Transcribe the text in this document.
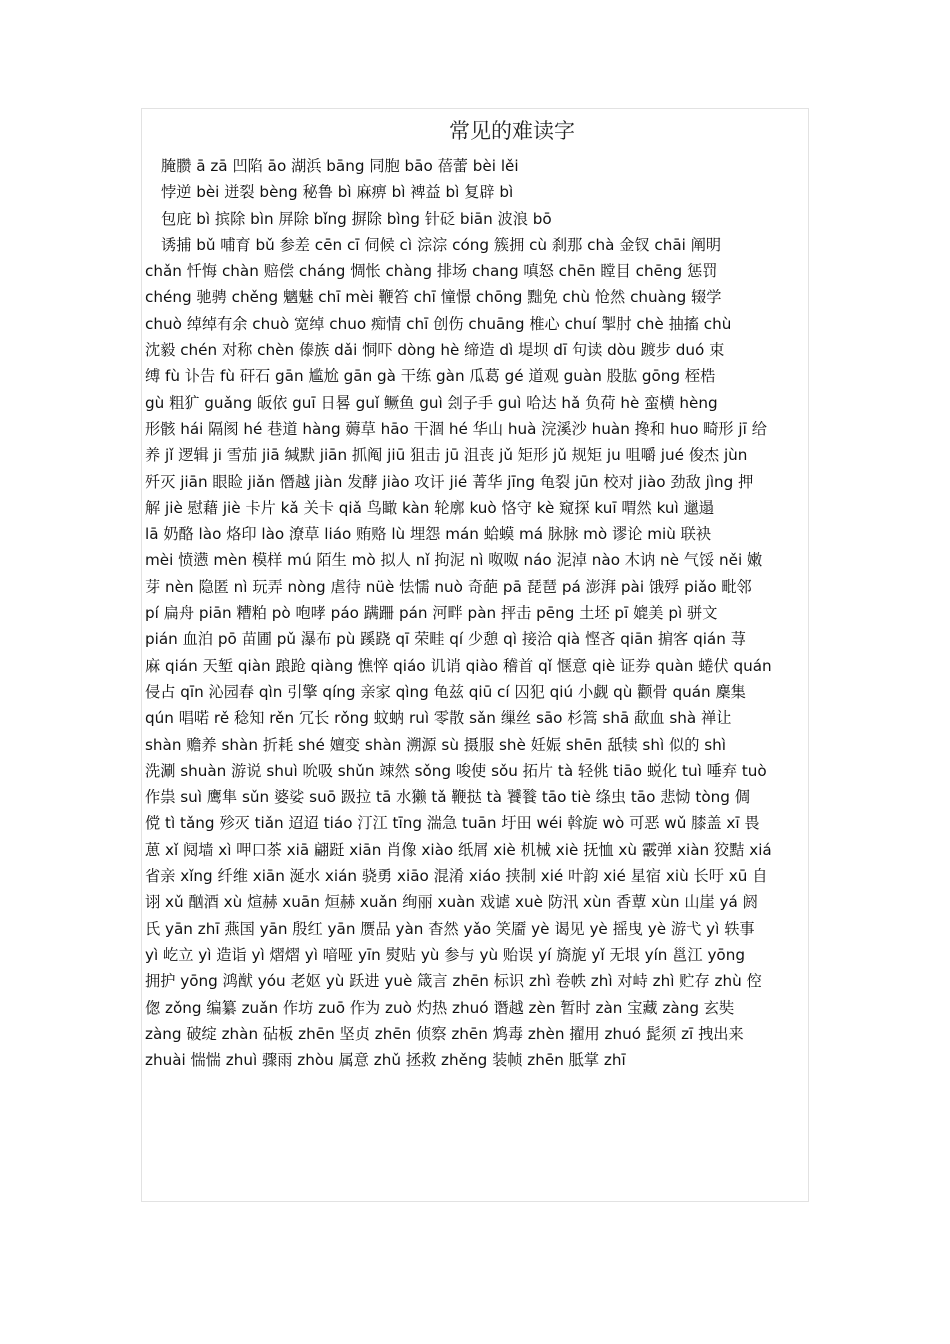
常见的难读字
腌臜 ā zā 凹陷 āo 湖浜 bāng 同胞 bāo 蓓蕾 bèi lěi
悖逆 bèi 迸裂 bèng 秘鲁 bì 麻痹 bì 裨益 bì 复辟 bì
包庇 bì 摈除 bìn 屏除 bǐng 摒除 bìng 针砭 biān 波浪 bō
诱捕 bǔ 哺育 bǔ 参差 cēn cī 伺候 cì 淙淙 cóng 簇拥 cù 刹那 chà 金钗 chāi 阐明
chǎn 忏悔 chàn 赔偿 cháng 惆怅 chàng 排场 chang 嗔怒 chēn 瞠目 chēng 惩罚
chéng 驰骋 chěng 魑魅 chī mèi 鞭笞 chī 憧憬 chōng 黜免 chù 怆然 chuàng 辍学
chuò 绰绰有余 chuò 宽绰 chuo 痴情 chī 创伤 chuāng 椎心 chuí 掣肘 chè 抽搐 chù
沈毅 chén 对称 chèn 傣族 dǎi 恫吓 dòng hè 缔造 dì 堤坝 dī 句读 dòu 踱步 duó 束
缚 fù 讣告 fù 矸石 gān 尴尬 gān gà 干练 gàn 瓜葛 gé 道观 guàn 股肱 gōng 桎梏
gù 粗犷 guǎng 皈依 guī 日晷 guǐ 鳜鱼 guì 刽子手 guì 哈达 hǎ 负荷 hè 蛮横 hèng
形骸 hái 隔阂 hé 巷道 hàng 薅草 hāo 干涸 hé 华山 huà 浣溪沙 huàn 搀和 huo 畸形 jī 给
养 jǐ 逻辑 ji 雪茄 jiā 缄默 jiān 抓阄 jiū 狙击 jū 沮丧 jǔ 矩形 jǔ 规矩 ju 咀嚼 jué 俊杰 jùn
歼灭 jiān 眼睑 jiǎn 僭越 jiàn 发酵 jiào 攻讦 jié 菁华 jīng 龟裂 jūn 校对 jiào 劲敌 jìng 押
解 jiè 慰藉 jiè 卡片 kǎ 关卡 qiǎ 鸟瞰 kàn 轮廓 kuò 恪守 kè 窥探 kuī 喟然 kuì 邋遢
lā 奶酪 lào 烙印 lào 潦草 liáo 贿赂 lù 埋怨 mán 蛤蟆 má 脉脉 mò 谬论 miù 联袂
mèi 愤懑 mèn 模样 mú 陌生 mò 拟人 nǐ 拘泥 nì 呶呶 náo 泥淖 nào 木讷 nè 气馁 něi 嫩
芽 nèn 隐匿 nì 玩弄 nòng 虐待 nüè 怯懦 nuò 奇葩 pā 琵琶 pá 澎湃 pài 饿殍 piǎo 毗邻
pí 扁舟 piān 糟粕 pò 咆哮 páo 蹒跚 pán 河畔 pàn 抨击 pēng 土坯 pī 媲美 pì 骈文
pián 血泊 pō 苗圃 pǔ 瀑布 pù 蹊跷 qī 荣畦 qí 少憩 qì 接洽 qià 悭吝 qiān 掮客 qián 荨
麻 qián 天堑 qiàn 踉跄 qiàng 憔悴 qiáo 讥诮 qiào 稽首 qǐ 惬意 qiè 证券 quàn 蜷伏 quán
侵占 qīn 沁园春 qìn 引擎 qíng 亲家 qìng 龟兹 qiū cí 囚犯 qiú 小觑 qù 颧骨 quán 麇集
qún 唱喏 rě 稔知 rěn 冗长 rǒng 蚊蚋 ruì 零散 sǎn 缫丝 sāo 杉篙 shā 歃血 shà 禅让
shàn 赡养 shàn 折耗 shé 嬗变 shàn 溯源 sù 摄服 shè 妊娠 shēn 舐犊 shì 似的 shì
洗涮 shuàn 游说 shuì 吮吸 shǔn 竦然 sǒng 唆使 sǒu 拓片 tà 轻佻 tiāo 蜕化 tuì 唾弃 tuò
作祟 suì 鹰隼 sǔn 婆娑 suō 趿拉 tā 水獭 tǎ 鞭挞 tà 饕餮 tāo tiè 绦虫 tāo 悲恸 tòng 倜
傥 tì tǎng 殄灭 tiǎn 迢迢 tiáo 汀江 tīng 湍急 tuān 圩田 wéi 斡旋 wò 可恶 wǔ 膝盖 xī 畏
葸 xǐ 阋墙 xì 呷口茶 xiā 翩跹 xiān 肖像 xiào 纸屑 xiè 机械 xiè 抚恤 xù 霰弹 xiàn 狡黠 xiá
省亲 xǐng 纤维 xiān 涎水 xián 骁勇 xiāo 混淆 xiáo 挟制 xié 叶韵 xié 星宿 xiù 长吁 xū 自
诩 xǔ 酗酒 xù 煊赫 xuān 烜赫 xuǎn 绚丽 xuàn 戏谑 xuè 防汛 xùn 香蕈 xùn 山崖 yá 阏
氏 yān zhī 燕国 yān 殷红 yān 赝品 yàn 杳然 yǎo 笑靥 yè 谒见 yè 摇曳 yè 游弋 yì 轶事
yì 屹立 yì 造诣 yì 熠熠 yì 喑哑 yīn 熨贴 yù 参与 yù 贻误 yí 旖旎 yǐ 无垠 yín 邕江 yōng
拥护 yōng 鸿猷 yóu 老妪 yù 跃进 yuè 箴言 zhēn 标识 zhì 卷帙 zhì 对峙 zhì 贮存 zhù 倥
偬 zǒng 编纂 zuǎn 作坊 zuō 作为 zuò 灼热 zhuó 谮越 zèn 暂时 zàn 宝藏 zàng 玄奘
zàng 破绽 zhàn 砧板 zhēn 坚贞 zhēn 侦察 zhēn 鸩毒 zhèn 擢用 zhuó 髭须 zī 拽出来
zhuài 惴惴 zhuì 骤雨 zhòu 属意 zhǔ 拯救 zhěng 装帧 zhēn 胝掌 zhī
